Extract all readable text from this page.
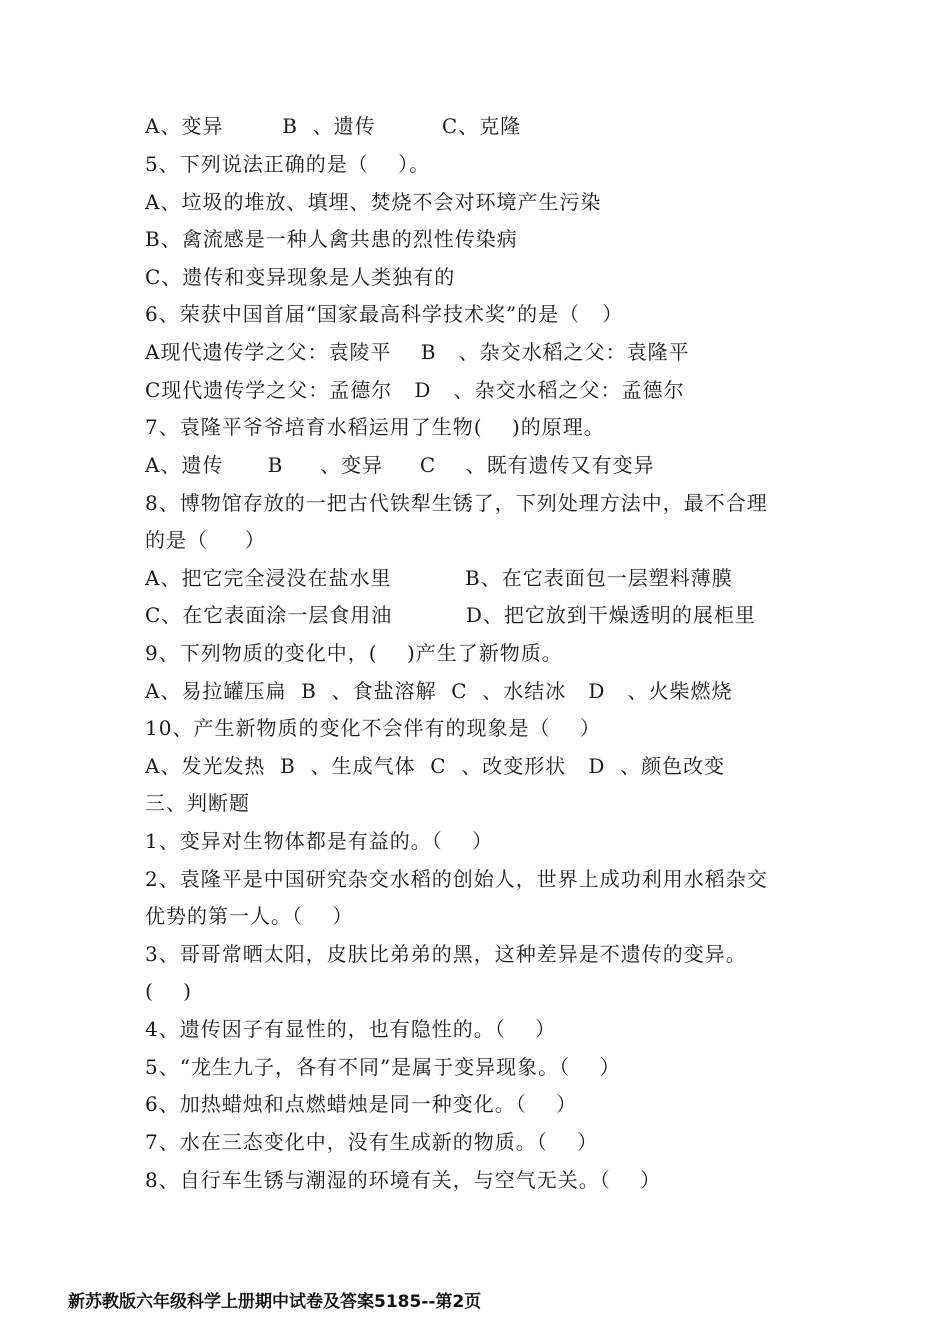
A、变异        B  、遗传         C、克隆
5、下列说法正确的是（    ）。
A、垃圾的堆放、填埋、焚烧不会对环境产生污染
B、禽流感是一种人禽共患的烈性传染病
C、遗传和变异现象是人类独有的
6、荣获中国首届“国家最高科学技术奖”的是（   ）
A现代遗传学之父：袁陵平    B   、杂交水稻之父：袁隆平
C现代遗传学之父：孟德尔   D   、杂交水稻之父：孟德尔
7、袁隆平爷爷培育水稻运用了生物(    )的原理。
A、遗传      B     、变异     C    、既有遗传又有变异
8、博物馆存放的一把古代铁犁生锈了，下列处理方法中，最不合理
的是（     ）
A、把它完全浸没在盐水里          B、在它表面包一层塑料薄膜
C、在它表面涂一层食用油          D、把它放到干燥透明的展柜里
9、下列物质的变化中，(    )产生了新物质。
A、易拉罐压扁  B  、食盐溶解  C  、水结冰   D   、火柴燃烧
10、产生新物质的变化不会伴有的现象是（    ）
A、发光发热  B  、生成气体  C  、改变形状   D  、颜色改变
三、判断题
1、变异对生物体都是有益的。（    ）
2、袁隆平是中国研究杂交水稻的创始人，世界上成功利用水稻杂交
优势的第一人。（    ）
3、哥哥常晒太阳，皮肤比弟弟的黑，这种差异是不遗传的变异。
(    )
4、遗传因子有显性的，也有隐性的。（    ）
5、“龙生九子，各有不同”是属于变异现象。（    ）
6、加热蜡烛和点燃蜡烛是同一种变化。（    ）
7、水在三态变化中，没有生成新的物质。（    ）
8、自行车生锈与潮湿的环境有关，与空气无关。（    ）
新苏教版六年级科学上册期中试卷及答案5185--第2页
